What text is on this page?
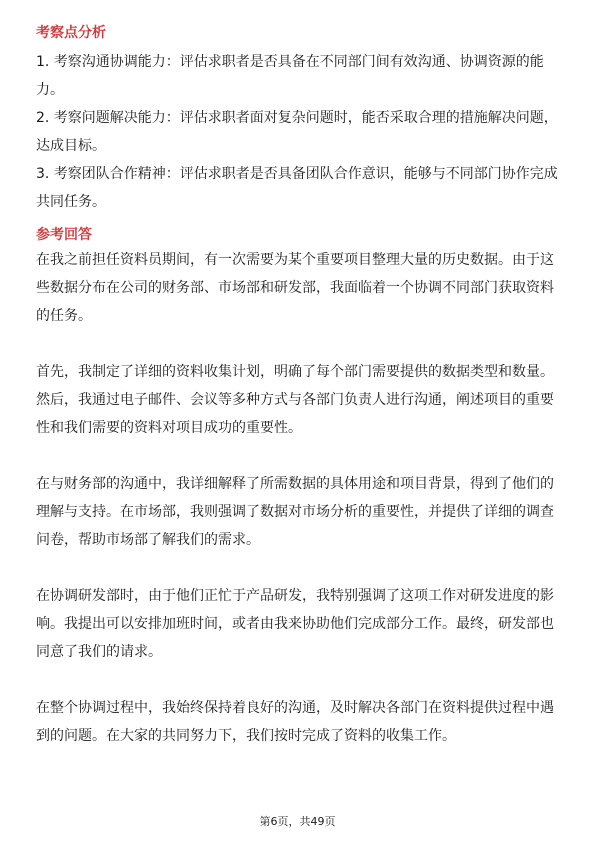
考察点分析
1. 考察沟通协调能力：评估求职者是否具备在不同部门间有效沟通、协调资源的能力。
2. 考察问题解决能力：评估求职者面对复杂问题时，能否采取合理的措施解决问题，达成目标。
3. 考察团队合作精神：评估求职者是否具备团队合作意识，能够与不同部门协作完成共同任务。
参考回答

在我之前担任资料员期间，有一次需要为某个重要项目整理大量的历史数据。由于这些数据分布在公司的财务部、市场部和研发部，我面临着一个协调不同部门获取资料的任务。

首先，我制定了详细的资料收集计划，明确了每个部门需要提供的数据类型和数量。然后，我通过电子邮件、会议等多种方式与各部门负责人进行沟通，阐述项目的重要性和我们需要的资料对项目成功的重要性。

在与财务部的沟通中，我详细解释了所需数据的具体用途和项目背景，得到了他们的理解与支持。在市场部，我则强调了数据对市场分析的重要性，并提供了详细的调查问卷，帮助市场部了解我们的需求。

在协调研发部时，由于他们正忙于产品研发，我特别强调了这项工作对研发进度的影响。我提出可以安排加班时间，或者由我来协助他们完成部分工作。最终，研发部也同意了我们的请求。

在整个协调过程中，我始终保持着良好的沟通，及时解决各部门在资料提供过程中遇到的问题。在大家的共同努力下，我们按时完成了资料的收集工作。

第6页，共49页
